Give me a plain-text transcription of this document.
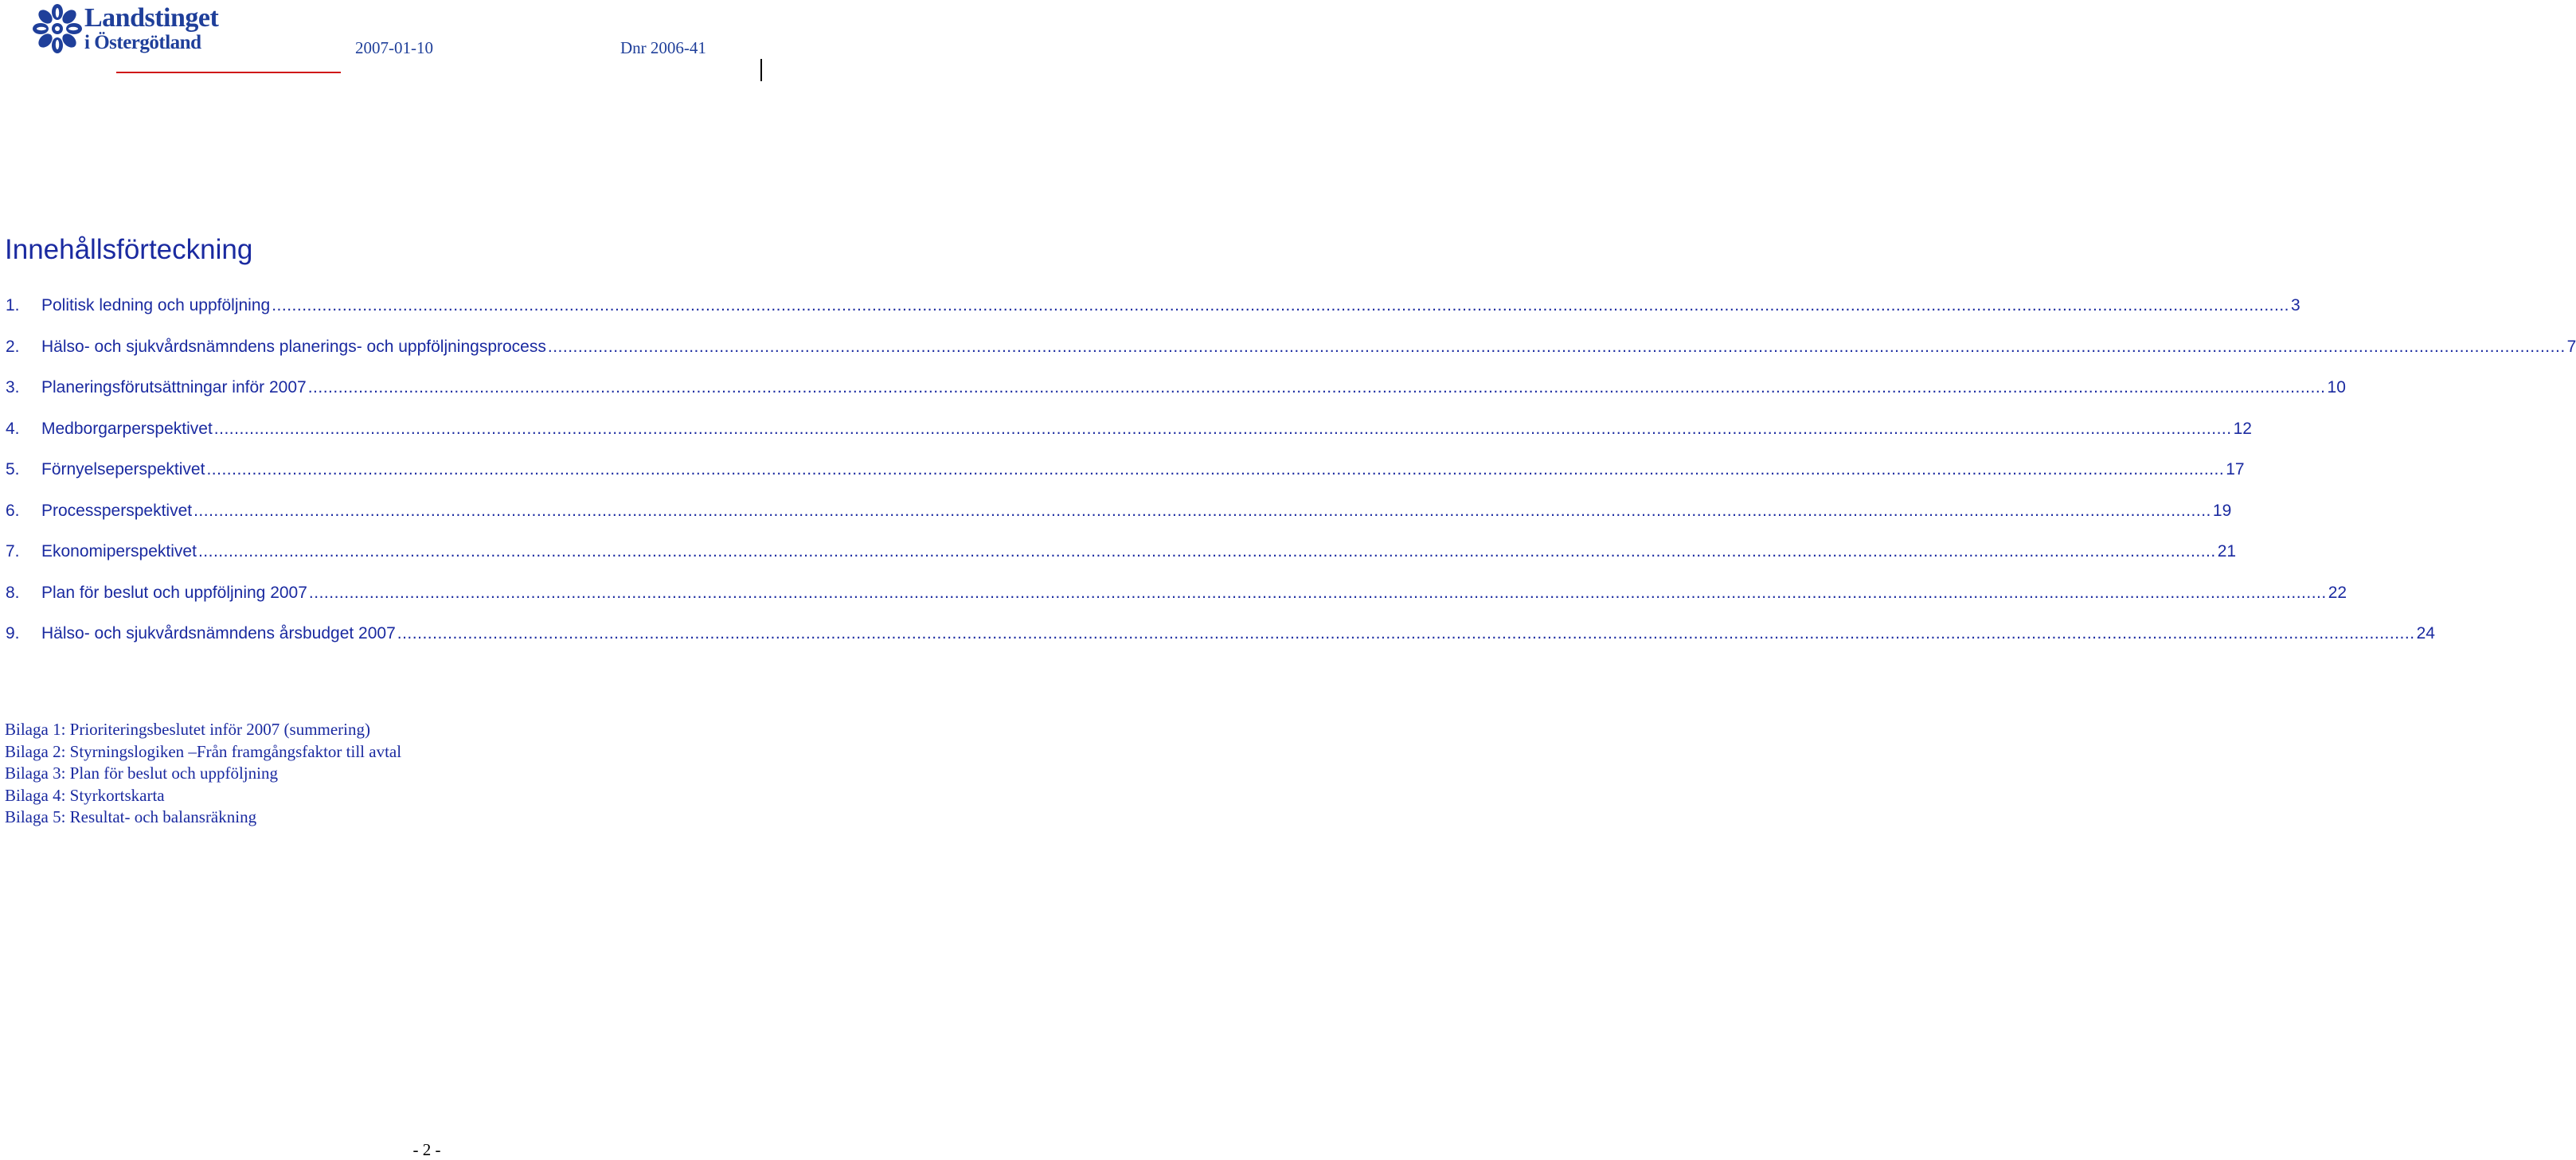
Landstinget
i Östergötland	2007-01-10	Dnr 2006-41
Innehållsförteckning
1.	Politisk ledning och uppföljning ................................................................................................................................................................................................................................................................................................................................................................................................................ 3
2.	Hälso- och sjukvårdsnämndens planerings- och uppföljningsprocess ................................................................................................................................................................................................................................................................................................................................................................................................................ 7
3.	Planeringsförutsättningar inför 2007 ................................................................................................................................................................................................................................................................................................................................................................................................................ 10
4.	Medborgarperspektivet ................................................................................................................................................................................................................................................................................................................................................................................................................ 12
5.	Förnyelseperspektivet ................................................................................................................................................................................................................................................................................................................................................................................................................ 17
6.	Processperspektivet ................................................................................................................................................................................................................................................................................................................................................................................................................ 19
7.	Ekonomiperspektivet ................................................................................................................................................................................................................................................................................................................................................................................................................ 21
8.	Plan för beslut och uppföljning 2007 ................................................................................................................................................................................................................................................................................................................................................................................................................ 22
9.	Hälso- och sjukvårdsnämndens årsbudget 2007 ................................................................................................................................................................................................................................................................................................................................................................................................................ 24
Bilaga 1: Prioriteringsbeslutet inför 2007 (summering)
Bilaga 2: Styrningslogiken –Från framgångsfaktor till avtal
Bilaga 3: Plan för beslut och uppföljning
Bilaga 4: Styrkortskarta
Bilaga 5: Resultat- och balansräkning
- 2 -
